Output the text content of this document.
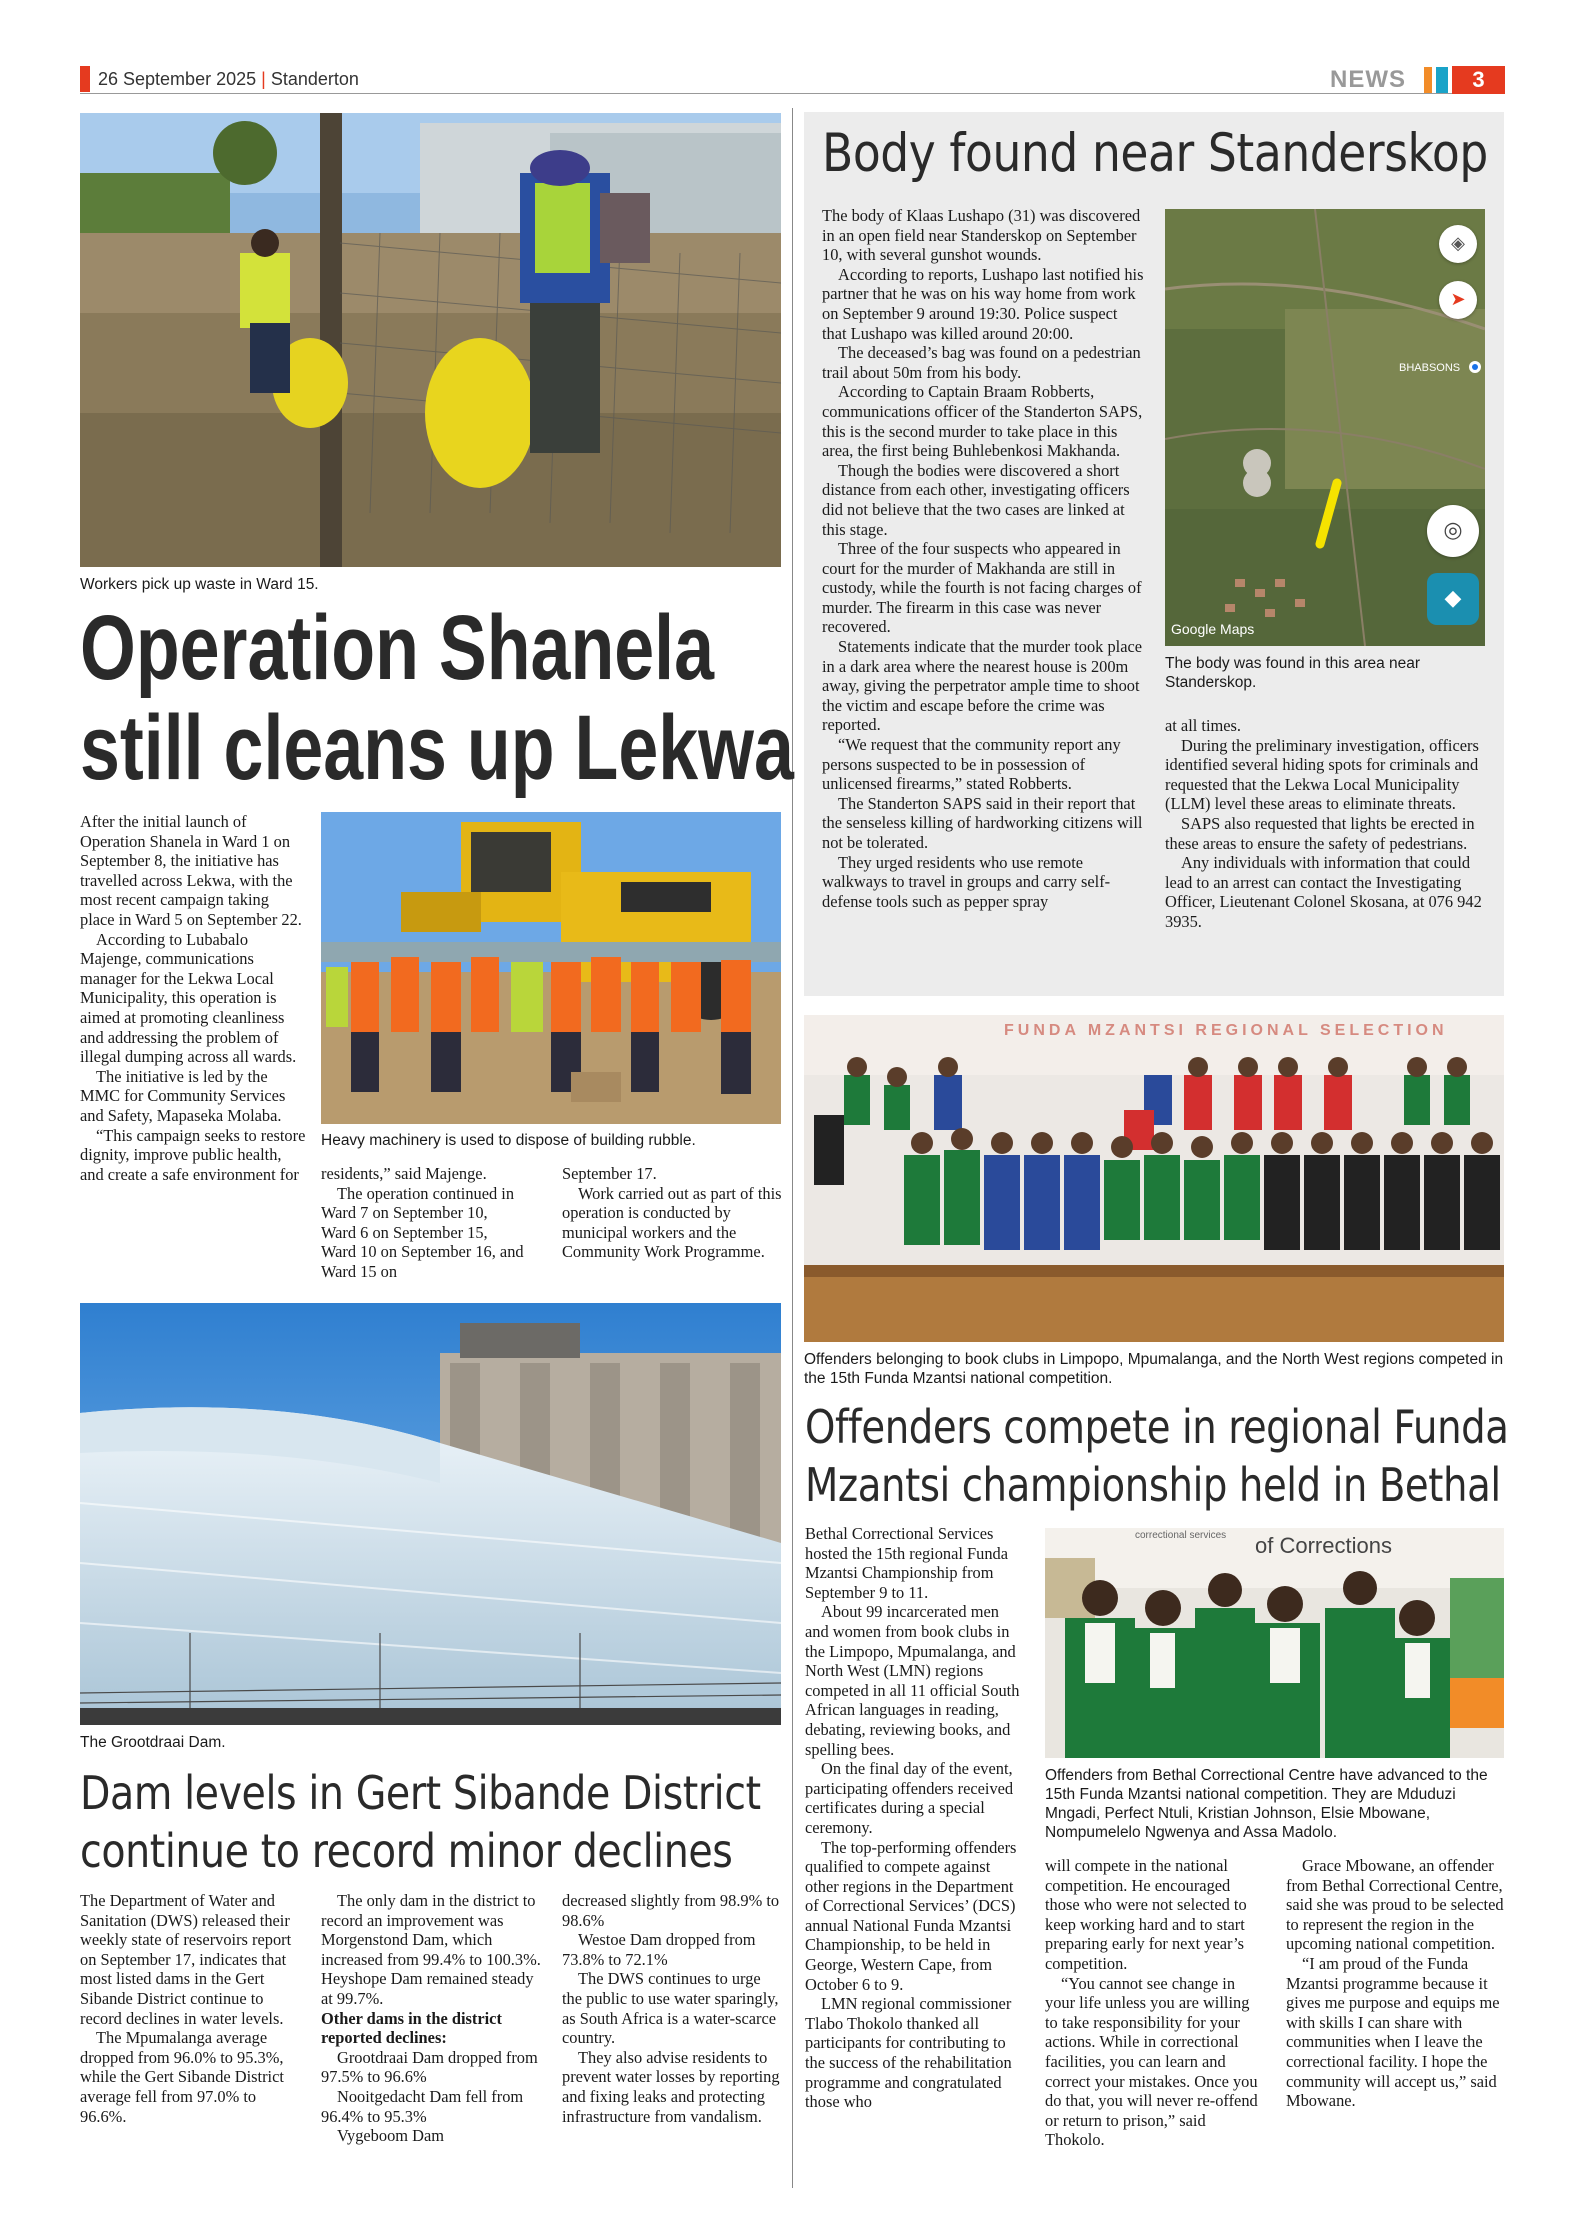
26 September 2025 | Standerton	NEWS	3
Workers pick up waste in Ward 15.
Operation Shanela
still cleans up Lekwa

After the initial launch of Operation Shanela in Ward 1 on September 8, the initiative has travelled across Lekwa, with the most recent campaign taking place in Ward 5 on September 22.

According to Lubabalo Majenge, communications manager for the Lekwa Local Municipality, this operation is aimed at promoting cleanliness and addressing the problem of illegal dumping across all wards.

The initiative is led by the MMC for Community Services and Safety, Mapaseka Molaba.

“This campaign seeks to restore dignity, improve public health, and create a safe environment for

Heavy machinery is used to dispose of building rubble.

residents,” said Majenge.

The operation continued in Ward 7 on September 10, Ward 6 on September 15, Ward 10 on September 16, and Ward 15 on

September 17.

Work carried out as part of this operation is conducted by municipal workers and the Community Work Programme.

The Grootdraai Dam.
Dam levels in Gert Sibande District
continue to record minor declines

The Department of Water and Sanitation (DWS) released their weekly state of reservoirs report on September 17, indicates that most listed dams in the Gert Sibande District continue to record declines in water levels.

The Mpumalanga average dropped from 96.0% to 95.3%, while the Gert Sibande District average fell from 97.0% to 96.6%.

The only dam in the district to record an improvement was Morgenstond Dam, which increased from 99.4% to 100.3%. Heyshope Dam remained steady at 99.7%.

Other dams in the district reported declines:

Grootdraai Dam dropped from 97.5% to 96.6%

Nooitgedacht Dam fell from 96.4% to 95.3%

Vygeboom Dam

decreased slightly from 98.9% to 98.6%

Westoe Dam dropped from 73.8% to 72.1%

The DWS continues to urge the public to use water sparingly, as South Africa is a water-scarce country.

They also advise residents to prevent water losses by reporting and fixing leaks and protecting infrastructure from vandalism.

Body found near Standerskop

The body of Klaas Lushapo (31) was discovered in an open field near Standerskop on September 10, with several gunshot wounds.

According to reports, Lushapo last notified his partner that he was on his way home from work on September 9 around 19:30. Police suspect that Lushapo was killed around 20:00.

The deceased’s bag was found on a pedestrian trail about 50m from his body.

According to Captain Braam Robberts, communications officer of the Standerton SAPS, this is the second murder to take place in this area, the first being Buhlebenkosi Makhanda.

Though the bodies were discovered a short distance from each other, investigating officers did not believe that the two cases are linked at this stage.

Three of the four suspects who appeared in court for the murder of Makhanda are still in custody, while the fourth is not facing charges of murder. The firearm in this case was never recovered.

Statements indicate that the murder took place in a dark area where the nearest house is 200m away, giving the perpetrator ample time to shoot the victim and escape before the crime was reported.

“We request that the community report any persons suspected to be in possession of unlicensed firearms,” stated Robberts.

The Standerton SAPS said in their report that the senseless killing of hardworking citizens will not be tolerated.

They urged residents who use remote walkways to travel in groups and carry self-defense tools such as pepper spray

BHABSONS
Google Maps
◈
➤
◎
◆
The body was found in this area near Standerskop.

at all times.

During the preliminary investigation, officers identified several hiding spots for criminals and requested that the Lekwa Local Municipality (LLM) level these areas to eliminate threats.

SAPS also requested that lights be erected in these areas to ensure the safety of pedestrians.

Any individuals with information that could lead to an arrest can contact the Investigating Officer, Lieutenant Colonel Skosana, at 076 942 3935.

FUNDA MZANTSI REGIONAL SELECTION
Offenders belonging to book clubs in Limpopo, Mpumalanga, and the North West regions competed in the 15th Funda Mzantsi national competition.
Offenders compete in regional Funda
Mzantsi championship held in Bethal

Bethal Correctional Services hosted the 15th regional Funda Mzantsi Championship from September 9 to 11.

About 99 incarcerated men and women from book clubs in the Limpopo, Mpumalanga, and North West (LMN) regions competed in all 11 official South African languages in reading, debating, reviewing books, and spelling bees.

On the final day of the event, participating offenders received certificates during a special ceremony.

The top-performing offenders qualified to compete against other regions in the Department of Correctional Services’ (DCS) annual National Funda Mzantsi Championship, to be held in George, Western Cape, from October 6 to 9.

LMN regional commissioner Tlabo Thokolo thanked all participants for contributing to the success of the rehabilitation programme and congratulated those who

of Corrections
correctional services
Offenders from Bethal Correctional Centre have advanced to the 15th Funda Mzantsi national competition. They are Mduduzi Mngadi, Perfect Ntuli, Kristian Johnson, Elsie Mbowane, Nompumelelo Ngwenya and Assa Madolo.

will compete in the national competition. He encouraged those who were not selected to keep working hard and to start preparing early for next year’s competition.

“You cannot see change in your life unless you are willing to take responsibility for your actions. While in correctional facilities, you can learn and correct your mistakes. Once you do that, you will never re-offend or return to prison,” said Thokolo.

Grace Mbowane, an offender from Bethal Correctional Centre, said she was proud to be selected to represent the region in the upcoming national competition.

“I am proud of the Funda Mzantsi programme because it gives me purpose and equips me with skills I can share with communities when I leave the correctional facility. I hope the community will accept us,” said Mbowane.
